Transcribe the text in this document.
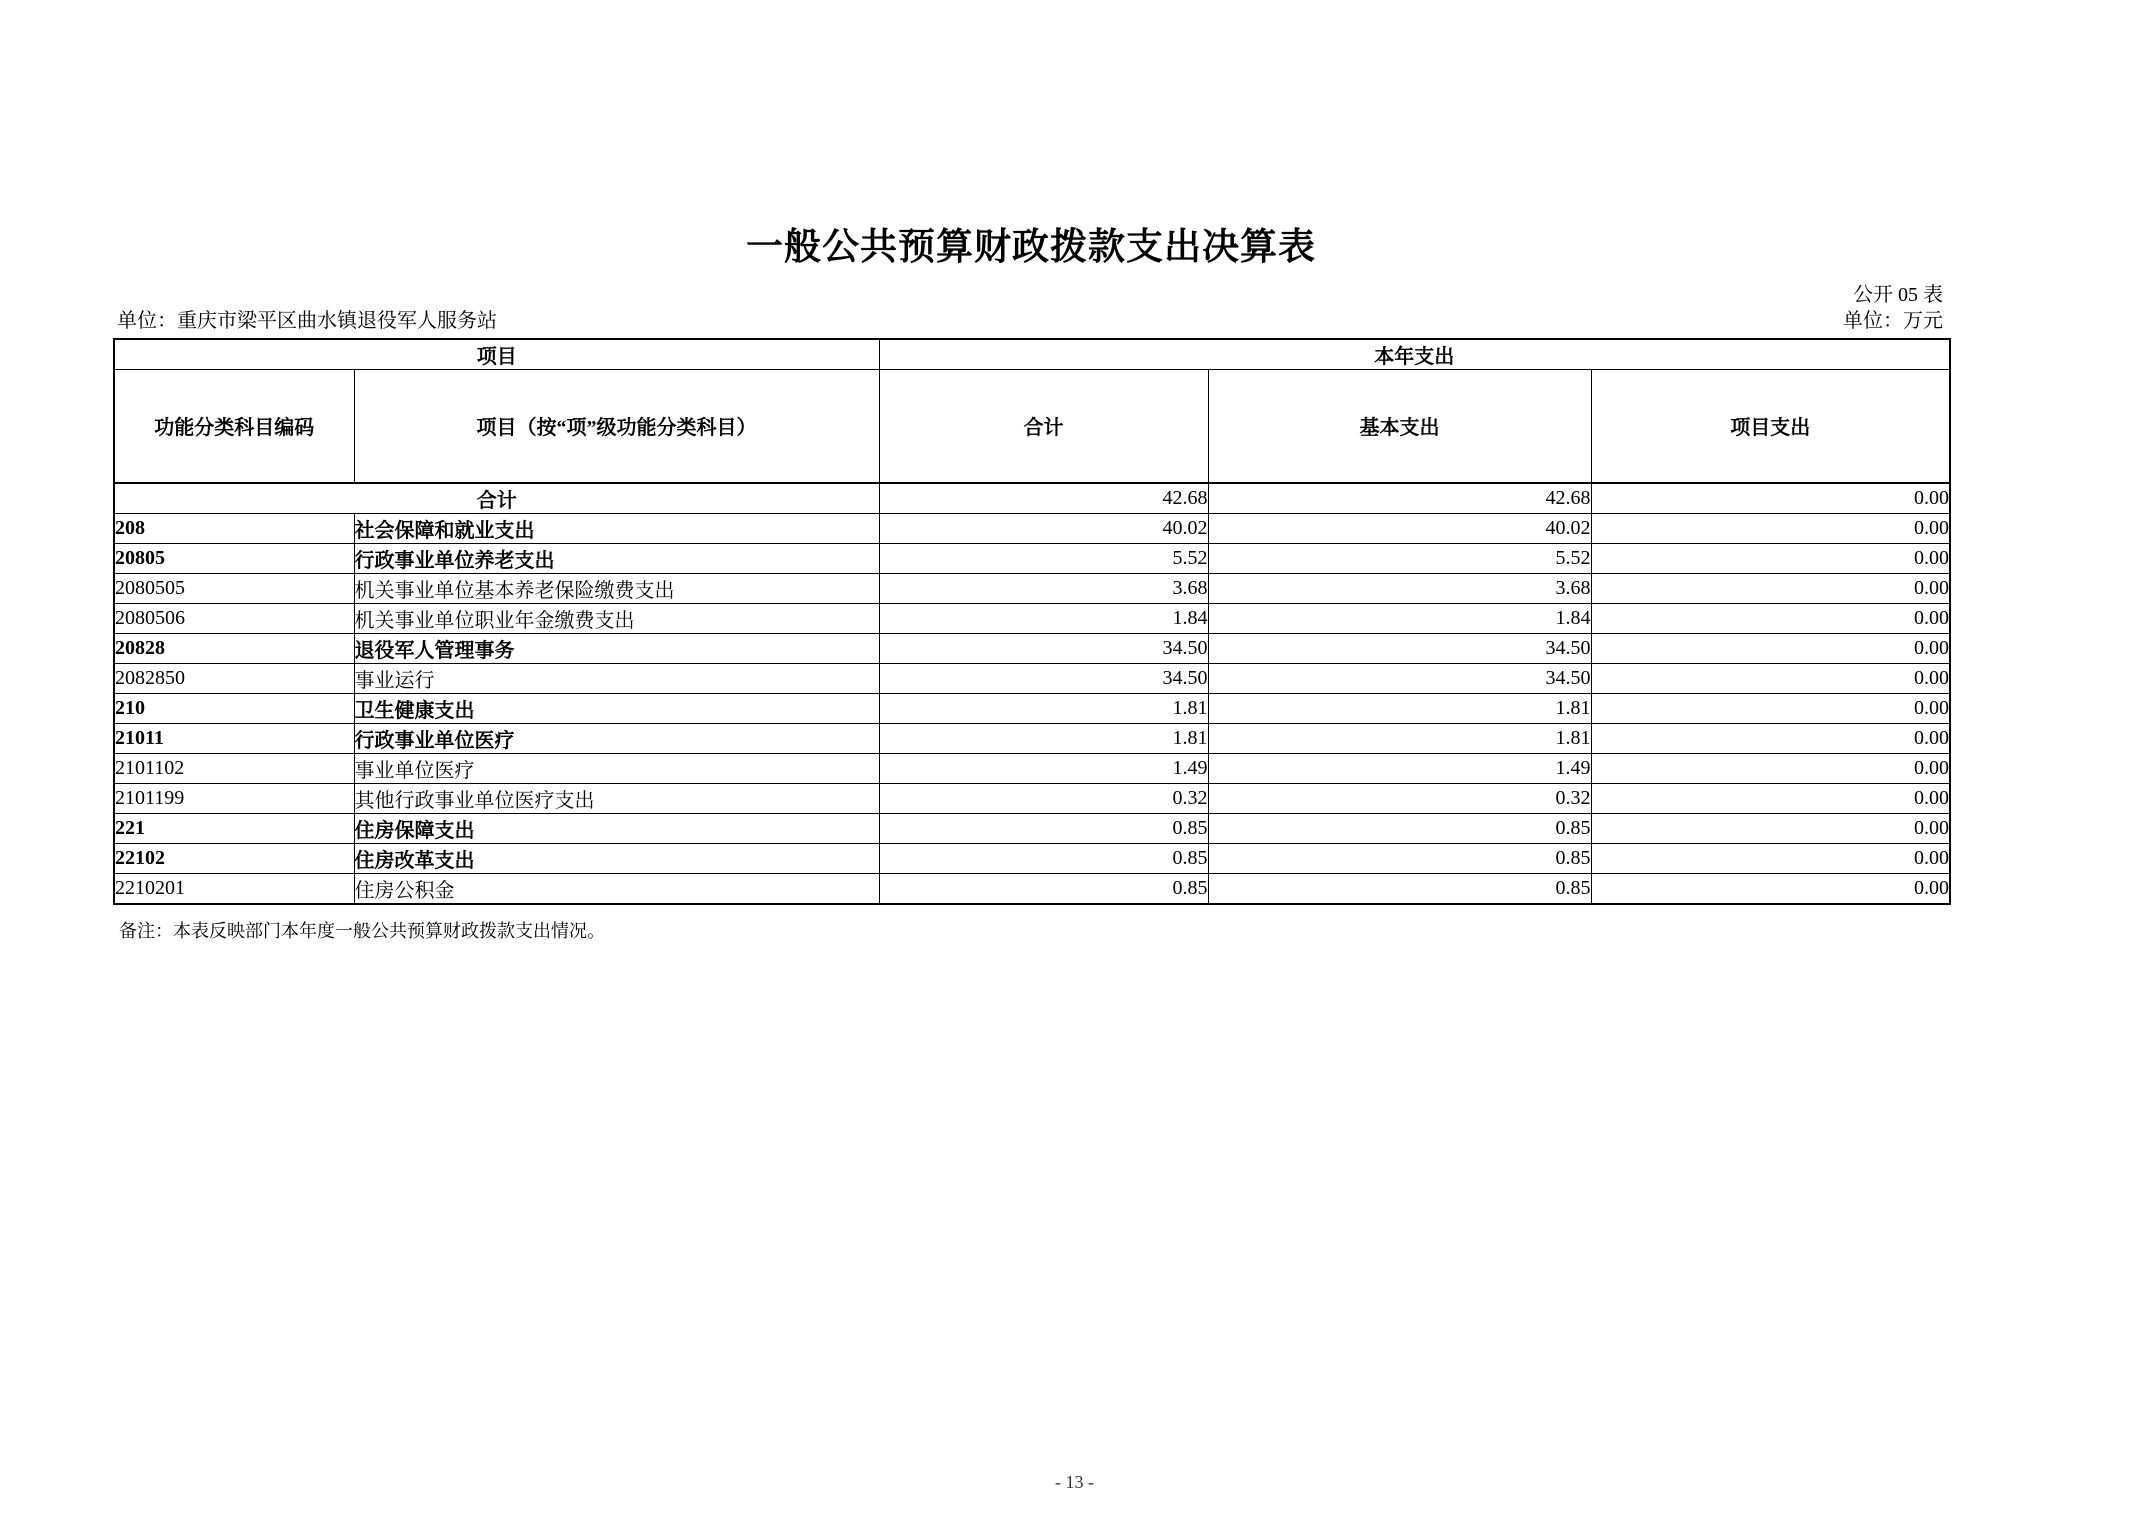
一般公共预算财政拨款支出决算表
公开 05 表
单位：重庆市梁平区曲水镇退役军人服务站	单位：万元
项目		本年支出		
功能分类科目编码	项目（按“项”级功能分类科目）	合计	基本支出	项目支出
合计		42.68	42.68	0.00
208	社会保障和就业支出	40.02	40.02	0.00
20805	行政事业单位养老支出	5.52	5.52	0.00
2080505	机关事业单位基本养老保险缴费支出	3.68	3.68	0.00
2080506	机关事业单位职业年金缴费支出	1.84	1.84	0.00
20828	退役军人管理事务	34.50	34.50	0.00
2082850	事业运行	34.50	34.50	0.00
210	卫生健康支出	1.81	1.81	0.00
21011	行政事业单位医疗	1.81	1.81	0.00
2101102	事业单位医疗	1.49	1.49	0.00
2101199	其他行政事业单位医疗支出	0.32	0.32	0.00
221	住房保障支出	0.85	0.85	0.00
22102	住房改革支出	0.85	0.85	0.00
2210201	住房公积金	0.85	0.85	0.00
备注：本表反映部门本年度一般公共预算财政拨款支出情况。
- 13 -
